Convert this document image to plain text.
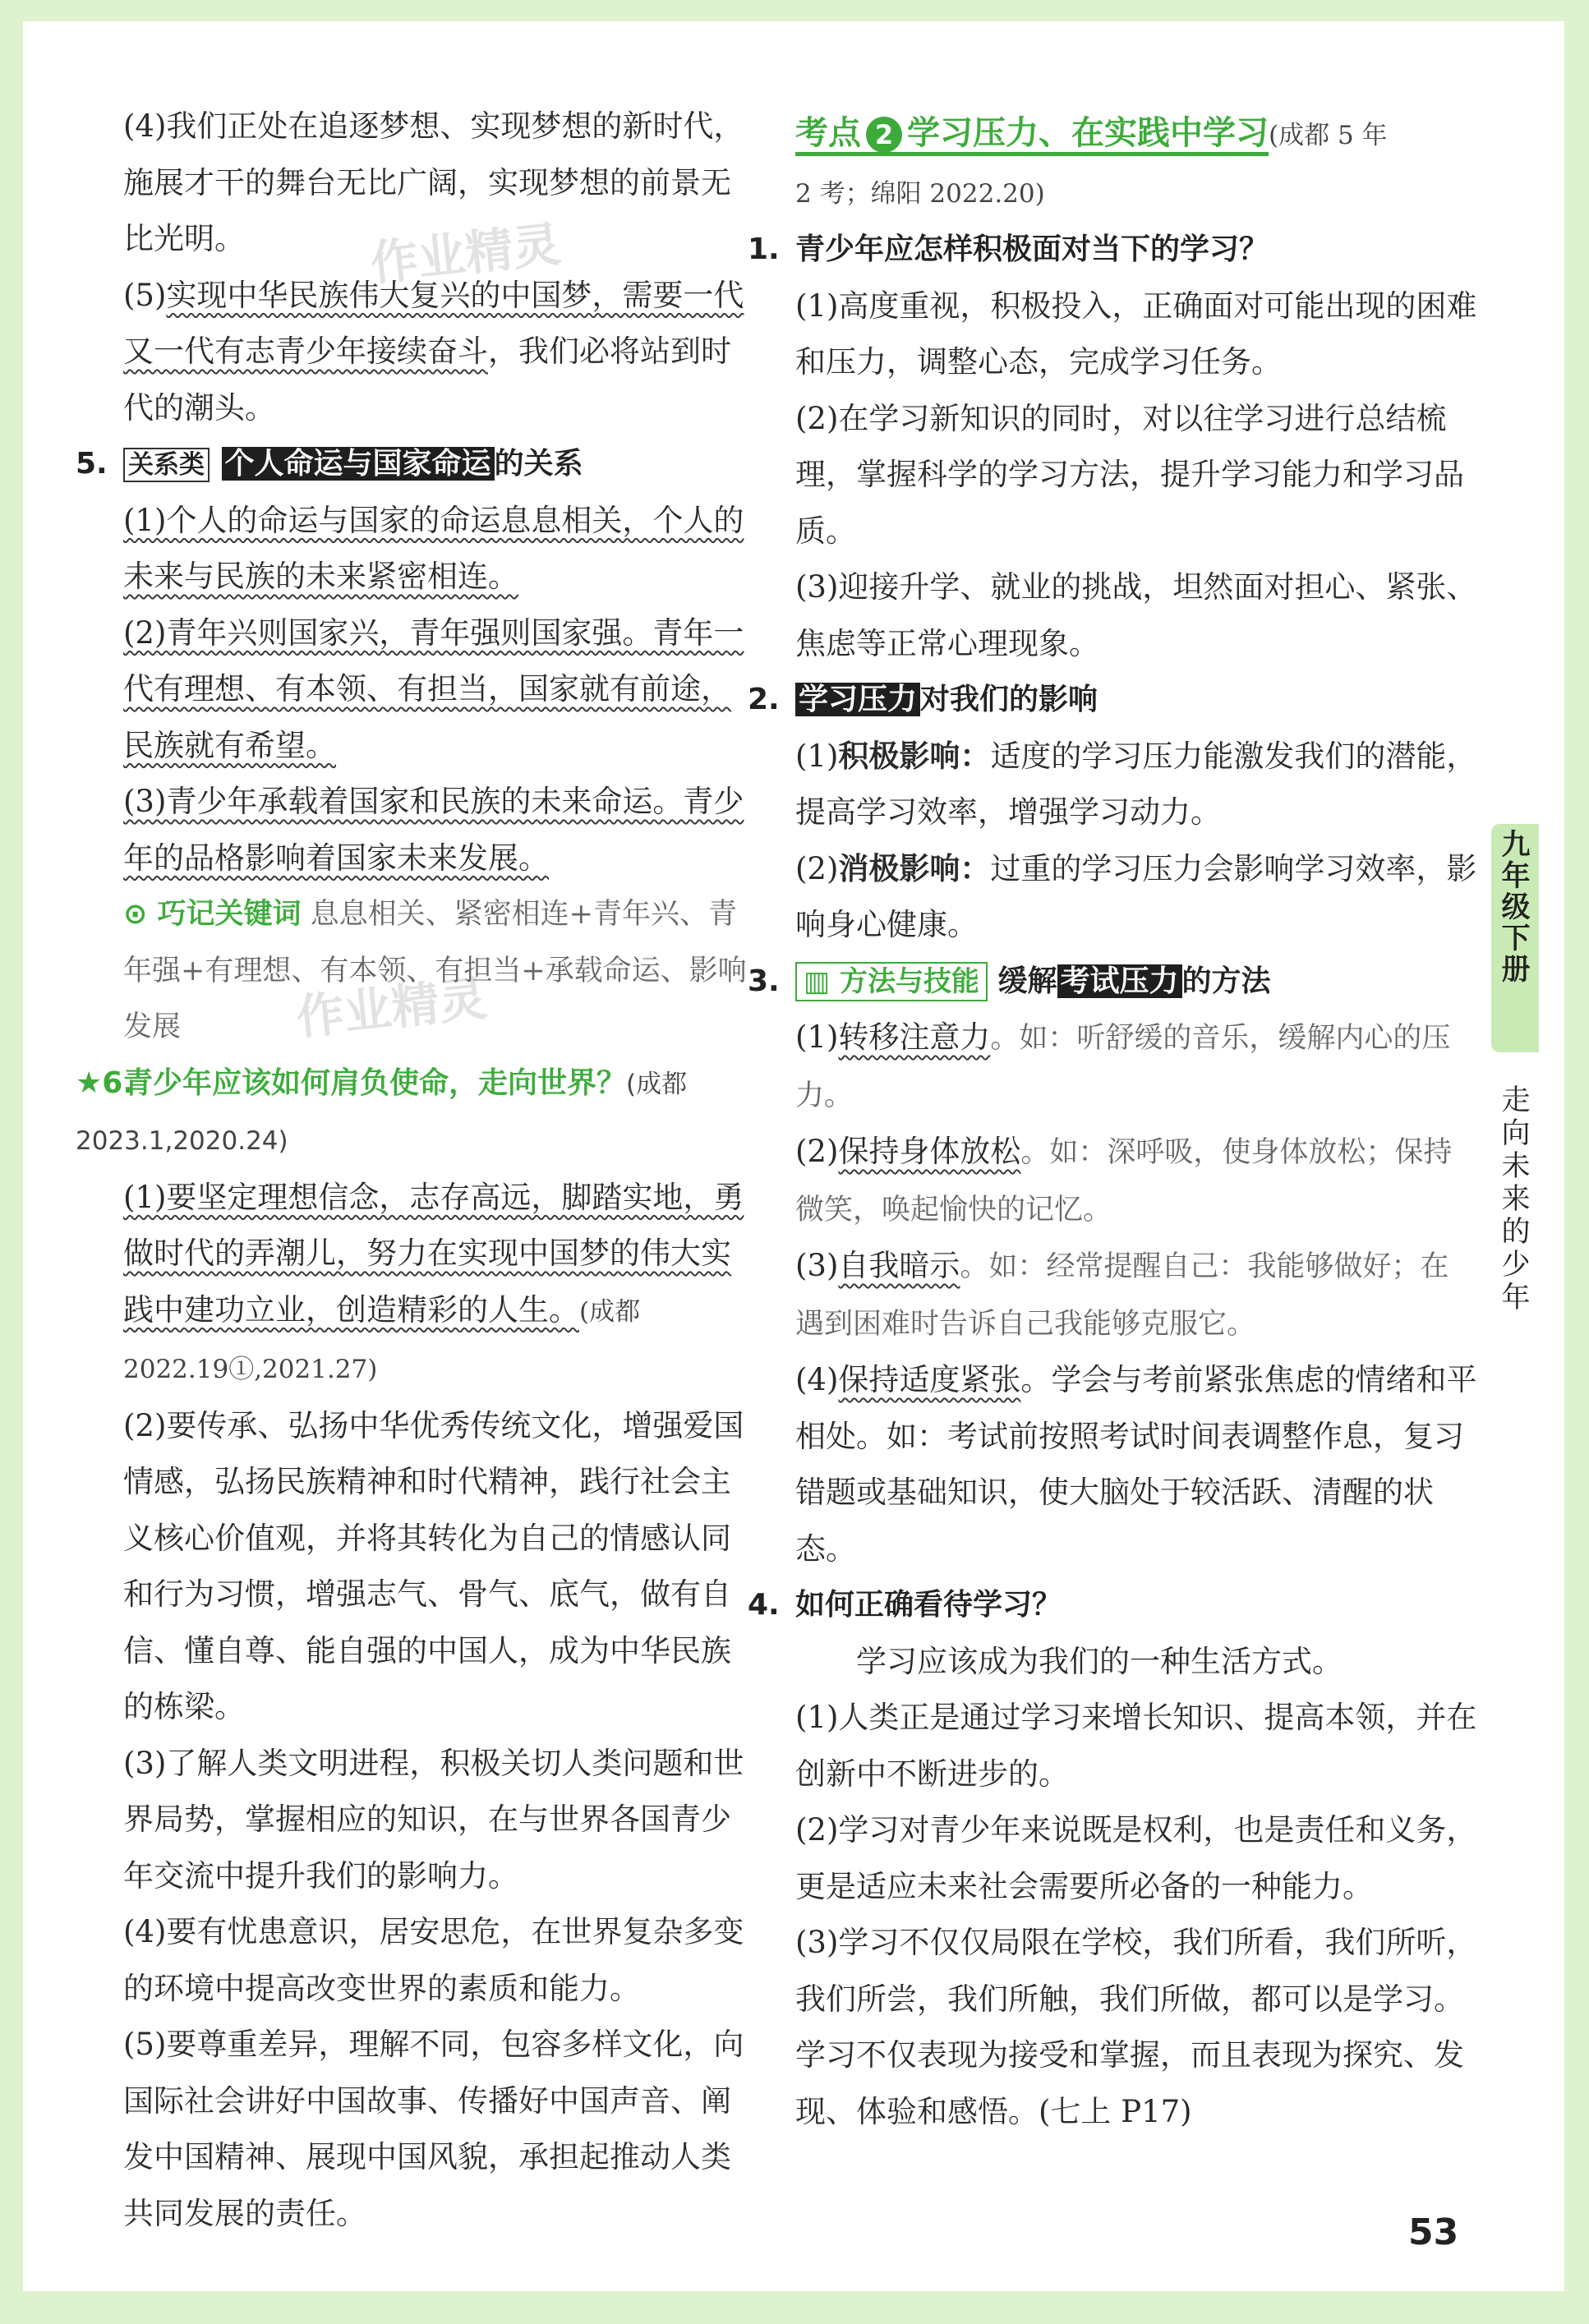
作业精灵
作业精灵

(4)我们正处在追逐梦想、实现梦想的新时代，施展才干的舞台无比广阔，实现梦想的前景无比光明。

(5)实现中华民族伟大复兴的中国梦，需要一代又一代有志青少年接续奋斗，我们必将站到时代的潮头。

5. 关系类 个人命运与国家命运 的关系

(1)个人的命运与国家的命运息息相关，个人的未来与民族的未来紧密相连。

(2)青年兴则国家兴，青年强则国家强。青年一代有理想、有本领、有担当，国家就有前途，民族就有希望。

(3)青少年承载着国家和民族的未来命运。青少年的品格影响着国家未来发展。

⊙ 巧记关键词 息息相关、紧密相连+青年兴、青年强+有理想、有本领、有担当+承载命运、影响发展

★6.青少年应该如何肩负使命，走向世界？(成都 2023.1,2020.24)

(1)要坚定理想信念，志存高远，脚踏实地，勇做时代的弄潮儿，努力在实现中国梦的伟大实践中建功立业，创造精彩的人生。(成都 2022.19①,2021.27)

(2)要传承、弘扬中华优秀传统文化，增强爱国情感，弘扬民族精神和时代精神，践行社会主义核心价值观，并将其转化为自己的情感认同和行为习惯，增强志气、骨气、底气，做有自信、懂自尊、能自强的中国人，成为中华民族的栋梁。

(3)了解人类文明进程，积极关切人类问题和世界局势，掌握相应的知识，在与世界各国青少年交流中提升我们的影响力。

(4)要有忧患意识，居安思危，在世界复杂多变的环境中提高改变世界的素质和能力。

(5)要尊重差异，理解不同，包容多样文化，向国际社会讲好中国故事、传播好中国声音、阐发中国精神、展现中国风貌，承担起推动人类共同发展的责任。

考点 2 学习压力、在实践中学习(成都 5 年
2 考；绵阳 2022.20)

1. 青少年应怎样积极面对当下的学习？

(1)高度重视，积极投入，正确面对可能出现的困难和压力，调整心态，完成学习任务。

(2)在学习新知识的同时，对以往学习进行总结梳理，掌握科学的学习方法，提升学习能力和学习品质。

(3)迎接升学、就业的挑战，坦然面对担心、紧张、焦虑等正常心理现象。

2. 学习压力 对我们的影响

(1)积极影响：适度的学习压力能激发我们的潜能，提高学习效率，增强学习动力。

(2)消极影响：过重的学习压力会影响学习效率，影响身心健康。

3. ▥ 方法与技能 缓解 考试压力 的方法

(1)转移注意力。如：听舒缓的音乐，缓解内心的压力。

(2)保持身体放松。如：深呼吸，使身体放松；保持微笑，唤起愉快的记忆。

(3)自我暗示。如：经常提醒自己：我能够做好；在遇到困难时告诉自己我能够克服它。

(4)保持适度紧张。学会与考前紧张焦虑的情绪和平相处。如：考试前按照考试时间表调整作息，复习错题或基础知识，使大脑处于较活跃、清醒的状态。

4. 如何正确看待学习？

学习应该成为我们的一种生活方式。

(1)人类正是通过学习来增长知识、提高本领，并在创新中不断进步的。

(2)学习对青少年来说既是权利，也是责任和义务，更是适应未来社会需要所必备的一种能力。

(3)学习不仅仅局限在学校，我们所看，我们所听，我们所尝，我们所触，我们所做，都可以是学习。学习不仅表现为接受和掌握，而且表现为探究、发现、体验和感悟。(七上 P17)

九年级下册
走向未来的少年
53
